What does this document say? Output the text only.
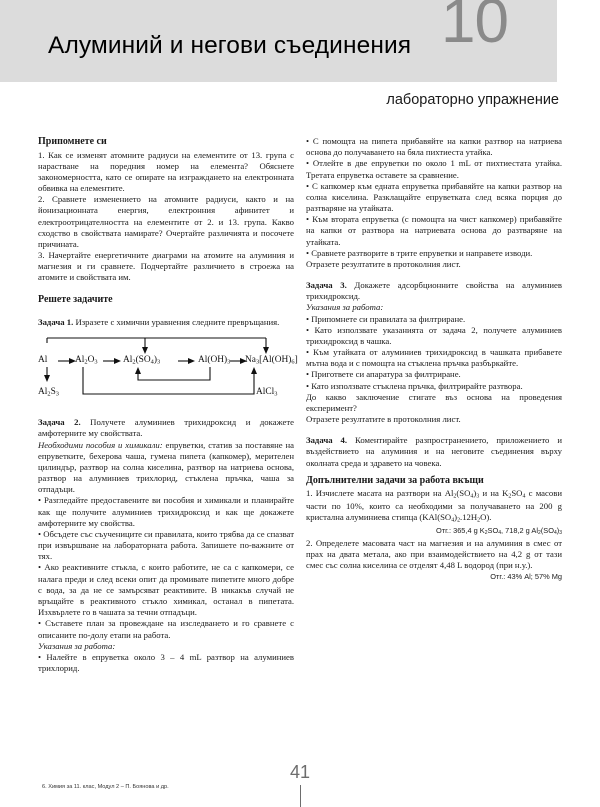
Алуминий и негови съединения 10
лабораторно упражнение
Припомнете си

1. Как се изменят атомните радиуси на елементите от 13. група с нарастване на поредния номер на елемента? Обяснете закономерността, като се опирате на изграждането на електронната обвивка на елементите.

2. Сравнете изменението на атомните радиуси, както и на йонизационната енергия, електронния афинитет и електроотрицателността на елементите от 2. и 13. група. Какво сходство в свойствата намирате? Очертайте различията и посочете причината.

3. Начертайте енергетичните диаграми на атомите на алуминия и магнезия и ги сравнете. Подчертайте различието в строежа на атомите и свойствата им.

Решете задачите

Задача 1. Изразете с химични уравнения следните превръщания.

Al	$Al_2O_3$	$Al_2(SO_4)_3$	$Al(OH)_3$ $Na_3[Al(OH)_6]$
$Al_2S_3$	AlCl$_3$

Задача 2. Получете алуминиев трихидроксид и докажете амфотерните му свойствата.

Необходими пособия и химикали: епруветки, статив за поставяне на епруветките, бехерова чаша, гумена пипета (капкомер), мерителен цилиндър, разтвор на солна киселина, разтвор на натриева основа, разтвор на алуминиев трихлорид, стъклена пръчка, чаша за отпадъци.

• Разгледайте предоставените ви пособия и химикали и планирайте как ще получите алуминиев трихидроксид и как ще докажете амфотерните му свойства.

• Обсъдете със съучениците си правилата, които трябва да се спазват при извършване на лабораторната работа. Запишете по-важните от тях.

• Ако реактивните стъкла, с които работите, не са с капкомери, се налага преди и след всеки опит да промивате пипетите много добре с вода, за да не се замърсяват реактивите. В никакъв случай не връщайте в реактивното стъкло химикал, останал в пипетата. Изхвърлете го в чашата за течни отпадъци.

• Съставете план за провеждане на изследването и го сравнете с описаните по-долу етапи на работа.

Указания за работа:

• Налейте в епруветка около 3 – 4 mL разтвор на алуминиев трихлорид.

• С помощта на пипета прибавяйте на капки разтвор на натриева основа до получаването на бяла пихтиеста утайка.

• Отлейте в две епруветки по около 1 mL от пихтиестата утайка. Третата епруветка оставете за сравнение.

• С капкомер към едната епруветка прибавяйте на капки разтвор на солна киселина. Разклащайте епруветката след всяка порция до разтваряне на утайката.

• Към втората епруветка (с помощта на чист капкомер) прибавяйте на капки от разтвора на натриевата основа до разтваряне на утайката.

• Сравнете разтворите в трите епруветки и направете изводи.

Отразете резултатите в протоколния лист.

Задача 3. Докажете адсорбционните свойства на алуминиев трихидроксид.

Указания за работа:

• Припомнете си правилата за филтриране.

• Като използвате указанията от задача 2, получете алуминиев трихидроксид в чашка.

• Към утайката от алуминиев трихидроксид в чашката прибавете мътна вода и с помощта на стъклена пръчка разбъркайте.

• Пригответе си апаратура за филтриране.

• Като използвате стъклена пръчка, филтрирайте разтвора.

До какво заключение стигате въз основа на проведения експеримент?

Отразете резултатите в протоколния лист.

Задача 4. Коментирайте разпространението, приложението и въздействието на алуминия и на неговите съединения върху околната среда и здравето на човека.

Допълнителни задачи за работа вкъщи

1. Изчислете масата на разтвори на $Al_2(SO_4)_3$ и на $K_2SO_4$ с масови части по 10%, които са необходими за получаването на 200 g кристална алуминиева стипца $(KAl(SO_4)_2.12H_2O)$.

Отг.: 365,4 g $K_2SO_4$, 718,2 g $Al_2(SO_4)_3$

2. Определете масовата част на магнезия и на алуминия в смес от прах на двата метала, ако при взаимодействието на 4,2 g от тази смес със солна киселина се отделят 4,48 L водород (при н.у.).

Отг.: 43% Al; 57% Mg

6. Химия за 11. клас, Модул 2 – П. Боянова и др.
41
